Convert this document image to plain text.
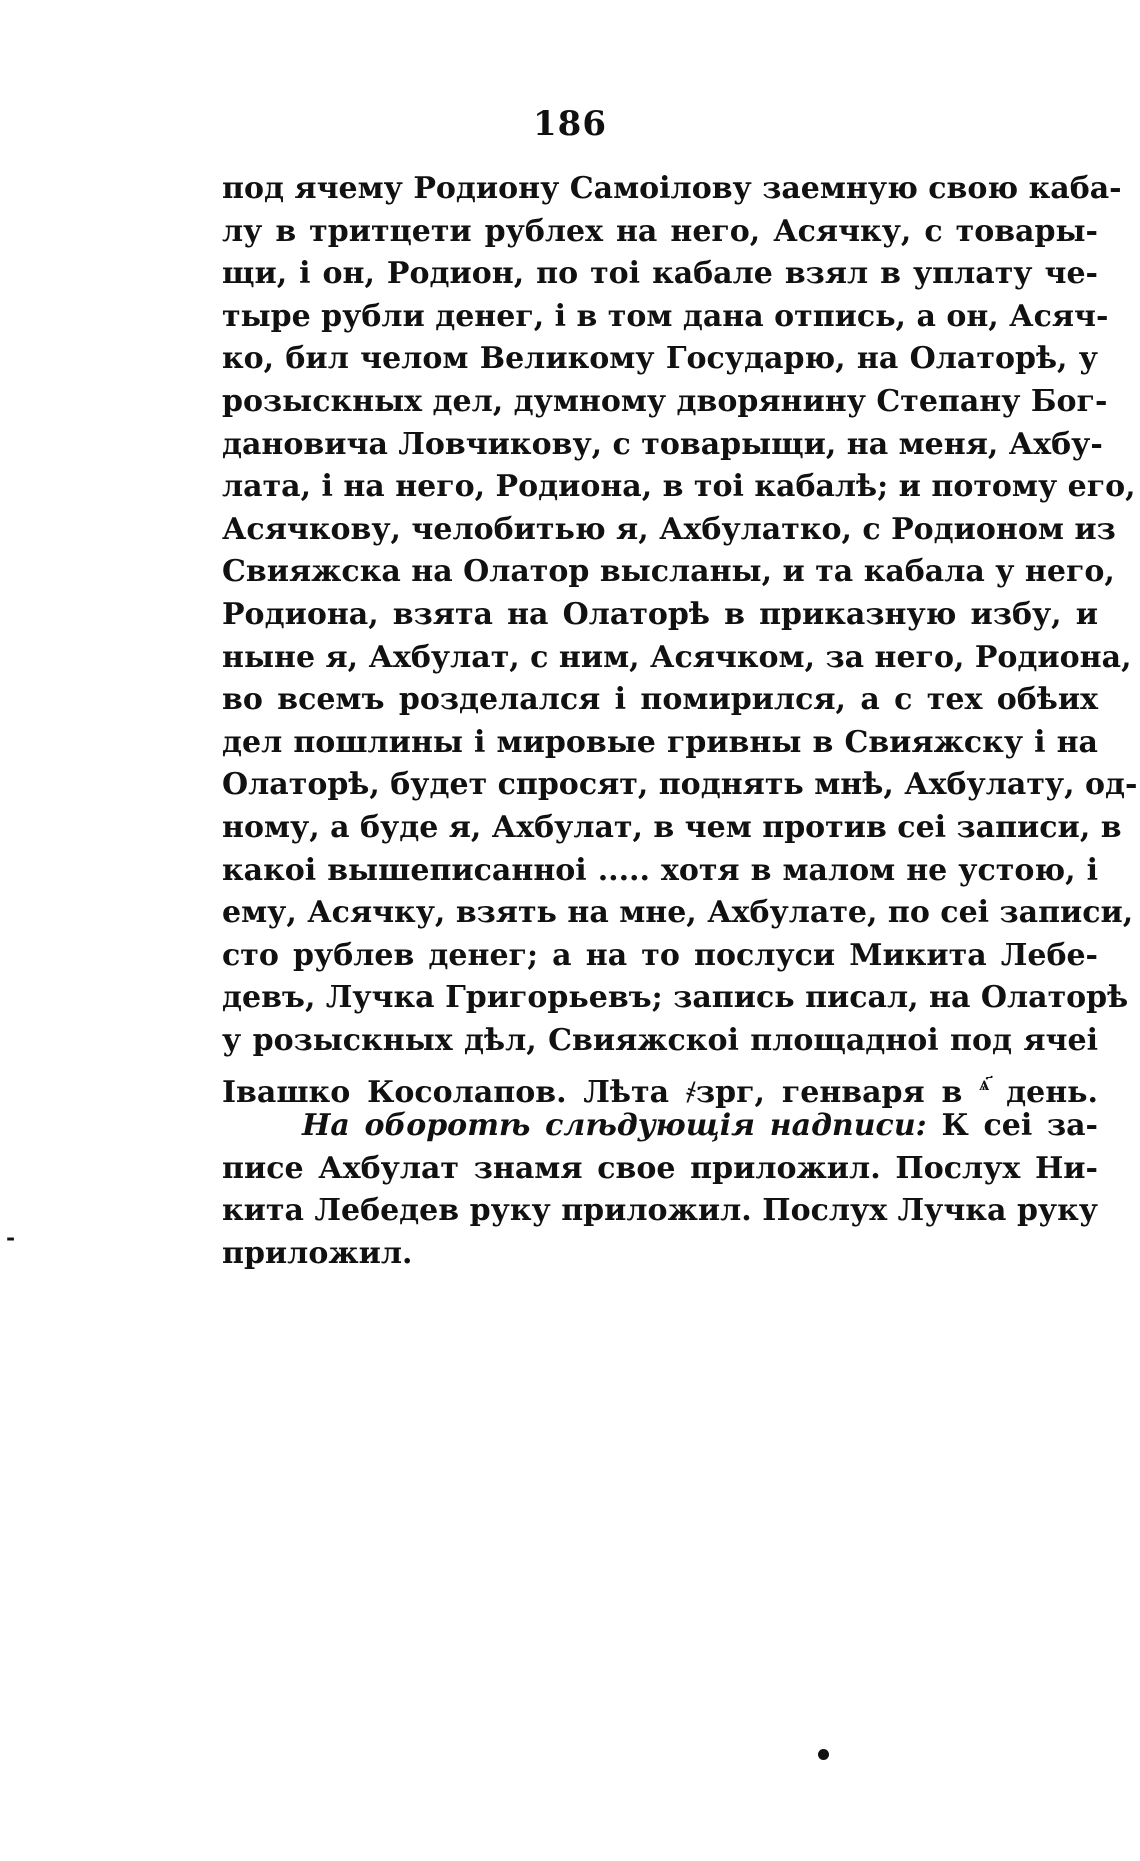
186
под ячему Родиону Самоiлову заемную свою каба-
лу в тритцети рублех на него, Асячку, с товары-
щи, i он, Родион, по тоi кабале взял в уплату че-
тыре рубли денег, i в том дана отпись, а он, Асяч-
ко, бил челом Великому Государю, на Олаторѣ, у
розыскных дел, думному дворянину Степану Бог-
дановича Ловчикову, с товарыщи, на меня, Ахбу-
лата, i на него, Родиона, в тоi кабалѣ; и потому его,
Асячкову, челобитью я, Ахбулатко, с Родионом из
Свияжска на Олатор высланы, и та кабала у него,
Родиона, взята на Олаторѣ в приказную избу, и
ныне я, Ахбулат, с ним, Асячком, за него, Родиона,
во всемъ розделался i помирился, а с тех обѣих
дел пошлины i мировые гривны в Свияжску i на
Олаторѣ, будет спросят, поднять мнѣ, Ахбулату, од-
ному, а буде я, Ахбулат, в чем против сеi записи, в
какоi вышеписанноi ..... хотя в малом не устою, i
ему, Асячку, взять на мне, Ахбулате, по сеi записи,
сто рублев денег; а на то послуси Микита Лебе-
девъ, Лучка Григорьевъ; запись писал, на Олаторѣ
у розыскных дѣл, Свияжскоi площадноi под ячеi
Івашко Косолапов. Лѣта ҂зрг, генваря в $^{ѧ҃}$ день.
На оборотѣ слѣдующія надписи: К сеi за-
писе Ахбулат знамя свое приложил. Послух Ни-
кита Лебедев руку приложил. Послух Лучка руку
приложил.
-
